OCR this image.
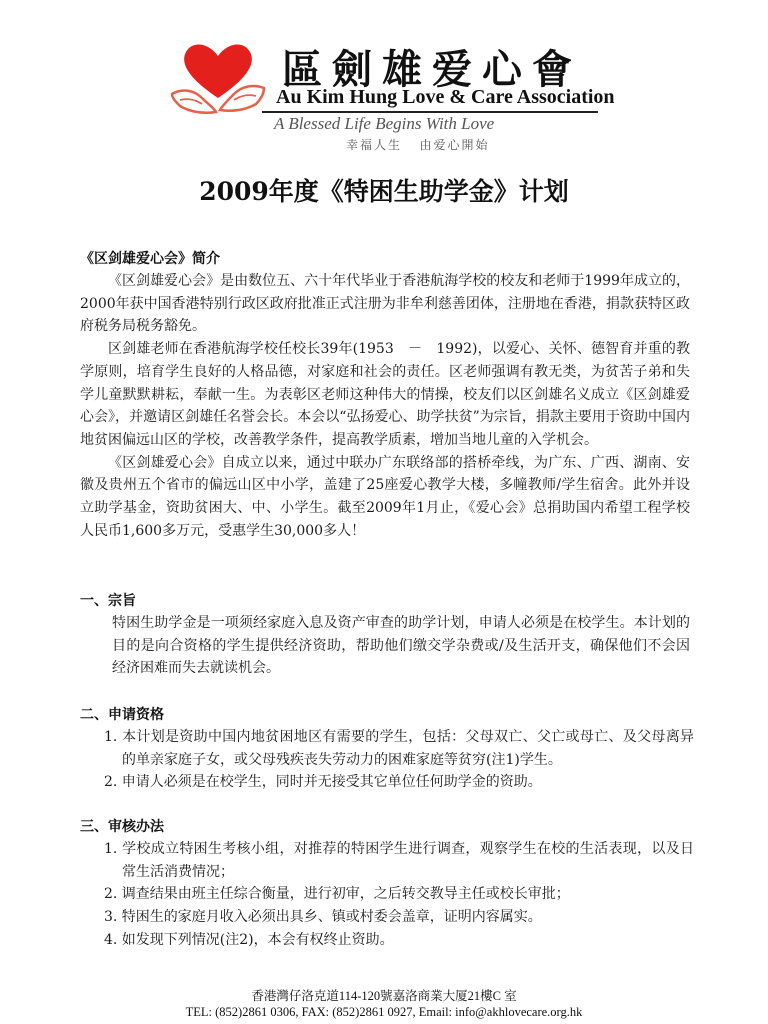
區劍雄爱心會
Au Kim Hung Love & Care Association
A Blessed Life Begins With Love
幸福人生   由爱心開始
2009年度《特困生助学金》计划
《区剑雄爱心会》简介

《区剑雄爱心会》是由数位五、六十年代毕业于香港航海学校的校友和老师于1999年成立的，2000年获中国香港特别行政区政府批准正式注册为非牟利慈善团体，注册地在香港，捐款获特区政府税务局税务豁免。

区剑雄老师在香港航海学校任校长39年(1953　－　1992)，以爱心、关怀、德智育并重的教学原则，培育学生良好的人格品德，对家庭和社会的责任。区老师强调有教无类，为贫苦子弟和失学儿童默默耕耘，奉献一生。为表彰区老师这种伟大的情操，校友们以区剑雄名义成立《区剑雄爱心会》，并邀请区剑雄任名誉会长。本会以“弘扬爱心、助学扶贫”为宗旨，捐款主要用于资助中国内地贫困偏远山区的学校，改善教学条件，提高教学质素，增加当地儿童的入学机会。

《区剑雄爱心会》自成立以来，通过中联办广东联络部的搭桥牵线，为广东、广西、湖南、安徽及贵州五个省市的偏远山区中小学，盖建了25座爱心教学大楼，多幢教师/学生宿舍。此外并设立助学基金，资助贫困大、中、小学生。截至2009年1月止，《爱心会》总捐助国内希望工程学校人民币1,600多万元，受惠学生30,000多人！

一、宗旨

特困生助学金是一项须经家庭入息及资产审查的助学计划，申请人必须是在校学生。本计划的目的是向合资格的学生提供经济资助，帮助他们缴交学杂费或/及生活开支，确保他们不会因经济困难而失去就读机会。

二、申请资格
1. 本计划是资助中国内地贫困地区有需要的学生，包括：父母双亡、父亡或母亡、及父母离异的单亲家庭子女，或父母残疾丧失劳动力的困难家庭等贫穷(注1)学生。
2. 申请人必须是在校学生，同时并无接受其它单位任何助学金的资助。
三、审核办法
1. 学校成立特困生考核小组，对推荐的特困学生进行调查，观察学生在校的生活表现，以及日常生活消费情况；
2. 调查结果由班主任综合衡量，进行初审，之后转交教导主任或校长审批；
3. 特困生的家庭月收入必须出具乡、镇或村委会盖章，证明内容属实。
4. 如发现下列情况(注2)，本会有权终止资助。
香港灣仔洛克道114-120號嘉洛商業大厦21樓C 室
TEL: (852)2861 0306, FAX: (852)2861 0927, Email: info@akhlovecare.org.hk
